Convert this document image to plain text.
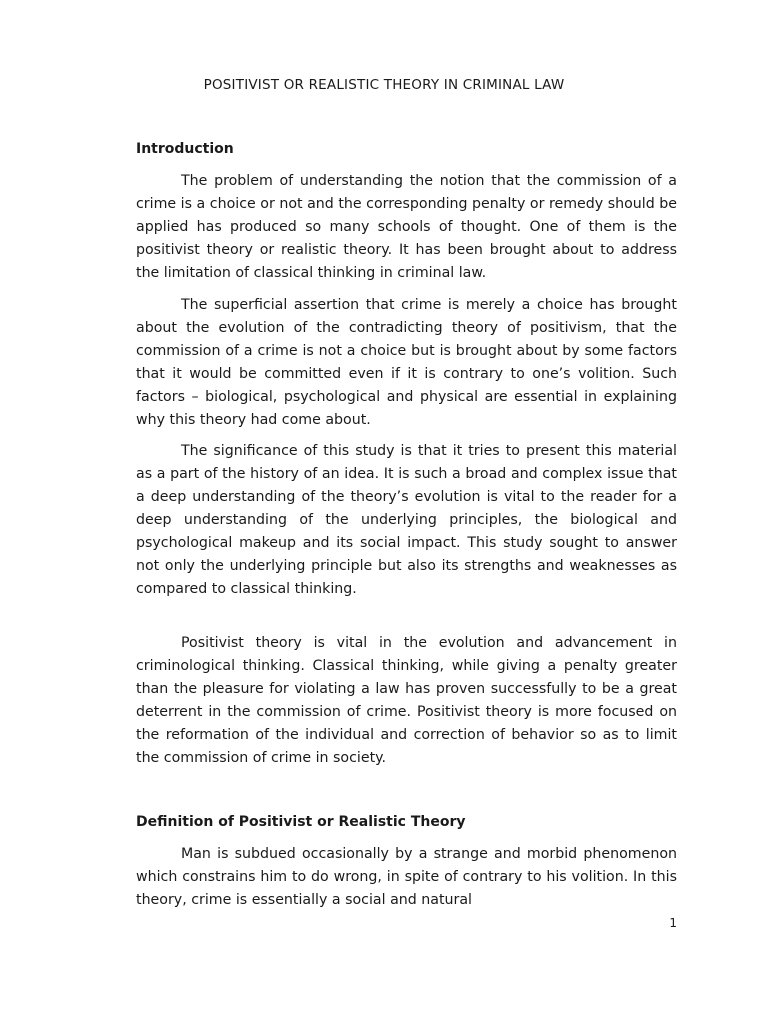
POSITIVIST OR REALISTIC THEORY IN CRIMINAL LAW
Introduction

The problem of understanding the notion that the commission of a crime is a choice or not and the corresponding penalty or remedy should be applied has produced so many schools of thought. One of them is the positivist theory or realistic theory. It has been brought about to address the limitation of classical thinking in criminal law.

The superficial assertion that crime is merely a choice has brought about the evolution of the contradicting theory of positivism, that the commission of a crime is not a choice but is brought about by some factors that it would be committed even if it is contrary to one’s volition. Such factors – biological, psychological and physical are essential in explaining why this theory had come about.

The significance of this study is that it tries to present this material as a part of the history of an idea. It is such a broad and complex issue that a deep understanding of the theory’s evolution is vital to the reader for a deep understanding of the underlying principles, the biological and psychological makeup and its social impact. This study sought to answer not only the underlying principle but also its strengths and weaknesses as compared to classical thinking.

Positivist theory is vital in the evolution and advancement in criminological thinking. Classical thinking, while giving a penalty greater than the pleasure for violating a law has proven successfully to be a great deterrent in the commission of crime. Positivist theory is more focused on the reformation of the individual and correction of behavior so as to limit the commission of crime in society.

Definition of Positivist or Realistic Theory

Man is subdued occasionally by a strange and morbid phenomenon which constrains him to do wrong, in spite of contrary to his volition. In this theory, crime is essentially a social and natural

1
